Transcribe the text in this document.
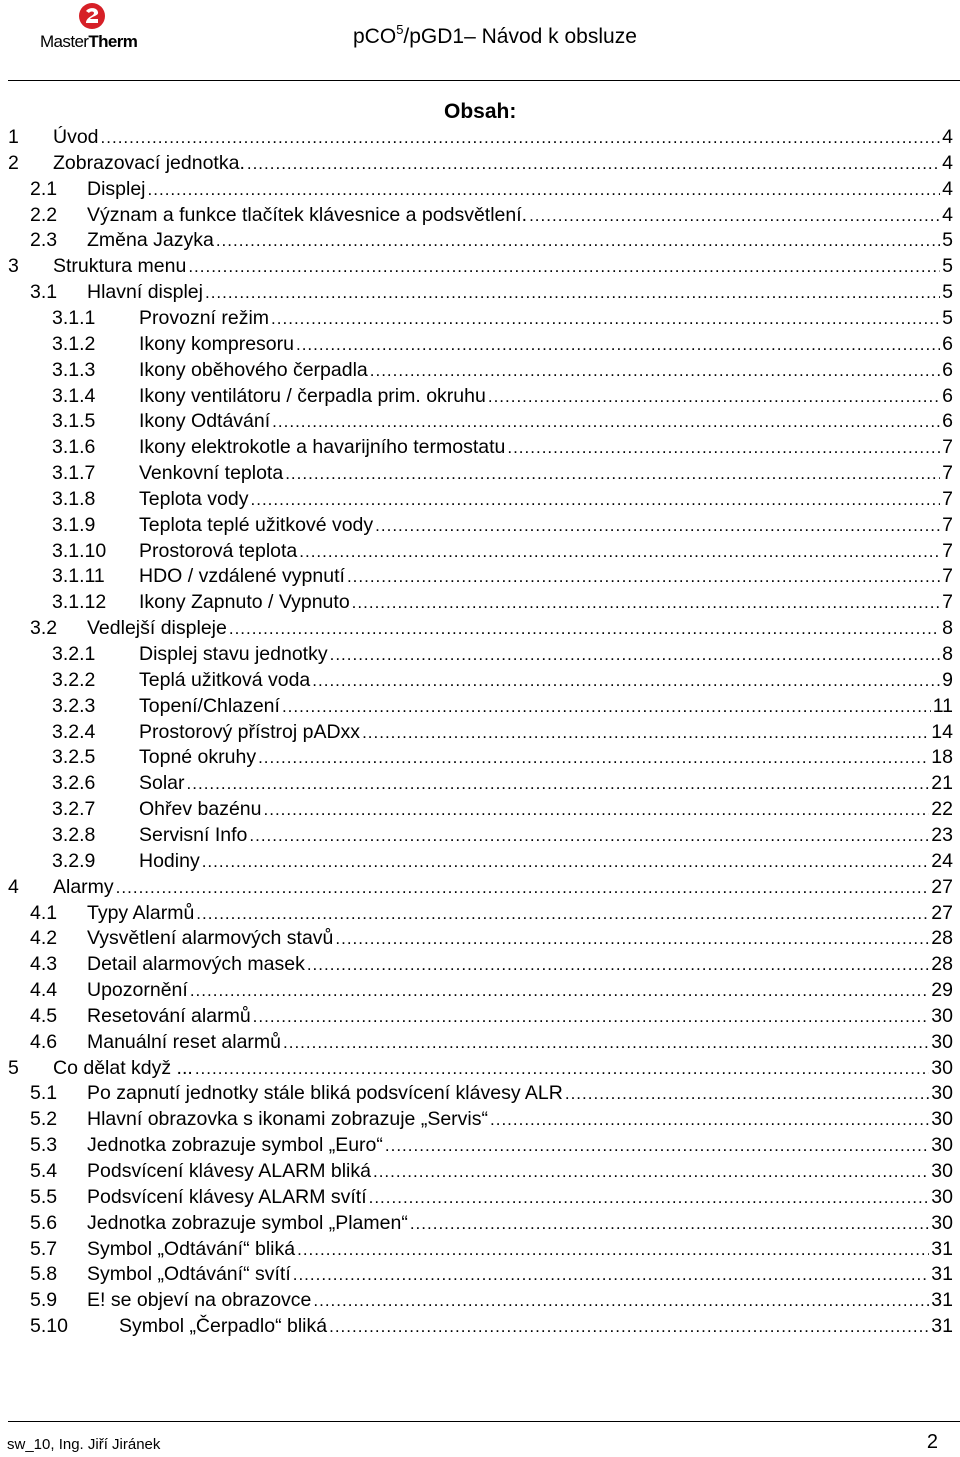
MasterTherm	pCO$^5$/pGD1– Návod k obsluze
Obsah:
1 Úvod .....	4
2 Zobrazovací jednotka. .....	4
2.1 Displej .....	4
2.2 Význam a funkce tlačítek klávesnice a podsvětlení. .....	4
2.3 Změna Jazyka .....	5
3 Struktura menu .....	5
3.1 Hlavní displej .....	5
3.1.1 Provozní režim .....	5
3.1.2 Ikony kompresoru .....	6
3.1.3 Ikony oběhového čerpadla .....	6
3.1.4 Ikony ventilátoru / čerpadla prim. okruhu .....	6
3.1.5 Ikony Odtávání .....	6
3.1.6 Ikony elektrokotle a havarijního termostatu .....	7
3.1.7 Venkovní teplota .....	7
3.1.8 Teplota vody .....	7
3.1.9 Teplota teplé užitkové vody .....	7
3.1.10 Prostorová teplota .....	7
3.1.11 HDO / vzdálené vypnutí .....	7
3.1.12 Ikony Zapnuto / Vypnuto .....	7
3.2 Vedlejší displeje .....	8
3.2.1 Displej stavu jednotky .....	8
3.2.2 Teplá užitková voda .....	9
3.2.3 Topení/Chlazení .....	11
3.2.4 Prostorový přístroj pADxx .....	14
3.2.5 Topné okruhy .....	18
3.2.6 Solar .....	21
3.2.7 Ohřev bazénu .....	22
3.2.8 Servisní Info .....	23
3.2.9 Hodiny .....	24
4 Alarmy .....	27
4.1 Typy Alarmů .....	27
4.2 Vysvětlení alarmových stavů .....	28
4.3 Detail alarmových masek .....	28
4.4 Upozornění .....	29
4.5 Resetování alarmů .....	30
4.6 Manuální reset alarmů .....	30
5 Co dělat když ... .....	30
5.1 Po zapnutí jednotky stále bliká podsvícení klávesy ALR .....	30
5.2 Hlavní obrazovka s ikonami zobrazuje „Servis“ .....	30
5.3 Jednotka zobrazuje symbol „Euro“ .....	30
5.4 Podsvícení klávesy ALARM bliká .....	30
5.5 Podsvícení klávesy ALARM svítí .....	30
5.6 Jednotka zobrazuje symbol „Plamen“ .....	30
5.7 Symbol „Odtávání“ bliká .....	31
5.8 Symbol „Odtávání“ svítí .....	31
5.9 E! se objeví na obrazovce .....	31
5.10	Symbol „Čerpadlo“ bliká .....	31
sw_10, Ing. Jiří Jiránek	2
